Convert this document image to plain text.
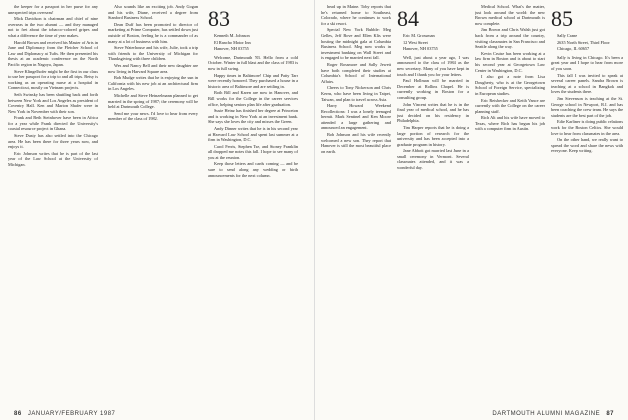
the keeper for a passport in her purse for any unexpected trips overseas!

Mick Davidson is chairman and chief of nine overseas in the two alumni — and they managed not to fret about the tobacco-colored gripes and what a difference the time of year makes.

Harold Brown and received his Master of Arts in June and Diplomacy from the Fletcher School of Law and Diplomacy at Tufts. He then presented his thesis at an academic conference on the North Pacific region in Nagoya, Japan.

Steve Klingelhofer might be the first in our class to use her passport for a trip to and all trips. Betsy is working as an operating nurse at a hospital in Connecticut, mostly on Vietnam projects.

Seth Swinsky has been shuttling back and forth between New York and Los Angeles as president of Coventry Hall. Ken and Marion Shafer were in New York in November with their son.

Frank and Beth Steinhover have been in Africa for a year while Frank directed the University's coastal resource project in Ghana.

Steve Dusty has also settled into the Chicago area. He has been there for three years now, and enjoys it.

Eric Johnson writes that he is part of the last year of the Law School at the University of Michigan.

Also sounds like an exciting job. Andy Gogan and his wife, Diane, received a degree from Stanford Business School.

Dean Duff has been promoted to director of marketing at Prime Computer, has settled down just outside of Boston, feeling he is a commander of as many at a lot of business with him.

Steve Waterhouse and his wife, Julie, took a trip with friends to the University of Michigan for Thanksgiving with three children.

Wes and Nancy Bell and their new daughter are now living in Harvard Square area.

Bob Mudge writes that he is enjoying the sun in California with his new job at an architectural firm in Los Angeles.

Michelle and Steve Heinzelmann planned to get married in the spring of 1987; the ceremony will be held at Dartmouth College.

Send me your news. I'd love to hear from every member of the class of 1982.

83

Kenneth M. Johnson

El Rancho Motor Inn

Hanover, NH 03755

Welcome, Dartmouth '83. Hello from a cold October. Winter in full blast and the class of 1983 is now in full swing.

Happy times in Baltimore! Chip and Patty Tarr were recently honored. They purchased a house in a historic area of Baltimore and are settling in.

Both Bill and Karen are now in Hanover, and Bill works for the College in the career services office, helping seniors plan life after graduation.

Susie Heinz has finished her degree at Princeton and is working in New York at an investment bank. She says she loves the city and misses the Green.

Andy Dinner writes that he is in his second year at Harvard Law School and spent last summer at a firm in Washington, D.C.

Carol Ferris, Stephen Tse, and Stoney Franklin all dropped me notes this fall. I hope to see many of you at the reunion.

Keep those letters and cards coming — and be sure to send along any wedding or birth announcements for the next column.

86 JANUARY/FEBRUARY 1987

head up in Maine. Toby reports that he's returned home to Southeast, Colorado, where he continues to work for a ski resort.

Special New York Bubble: Meg Gelles, Jeff Bove and Ellen Klis were hosting the midnight gala at Columbia Business School. Meg now works in investment banking on Wall Street and is engaged to be married next fall.

Roger Rossmore and Sally Jewett have both completed their studies at Columbia's School of International Affairs.

Cheers to Tony Nickerson and Chris Kerns, who have been living in Taipei, Taiwan, and plan to travel across Asia.

Harry Howard Weekend Recollections: I was a lonely teenaged hermit. Mark Sentinel and Ken Moore attended a large gathering and announced an engagement.

Bob Johnson and his wife recently welcomed a new son. They report that Hanover is still the most beautiful place on earth.

84

Eric M. Grossman

12 West Street

Hanover, NH 03755

Well, just about a year ago, I was announced to the class of 1984 as the new secretary. Many of you have kept in touch and I thank you for your letters.

Paul Hollman will be married in December at Rollins Chapel. He is currently working in Boston for a consulting group.

John Vincent writes that he is in the final year of medical school, and he has just decided on his residency in Philadelphia.

Tim Harper reports that he is doing a large portion of research for the university and has been accepted into a graduate program in history.

Jane Abbott got married last June in a small ceremony in Vermont. Several classmates attended, and it was a wonderful day.

Medical School. What's the matter, just look around the world: the new Brown medical school at Dartmouth is now complete.

Jim Brown and Chris Walsh just got back from a trip around the country, visiting classmates in San Francisco and Seattle along the way.

Kevin Cruise has been working at a law firm in Boston and is about to start his second year at Georgetown Law Center in Washington, D.C.

I also got a note from Lisa Dougherty, who is at the Georgetown School of Foreign Service, specializing in European studies.

Eric Reisbecker and Keith Vance are currently with the College on the career planning staff.

Rich Alt and his wife have moved to Texas, where Rich has begun his job with a computer firm in Austin.

85

Sally Crane

2635 North Street, Third Floor

Chicago, IL 60657

Sally is living in Chicago. It's been a great year and I hope to hear from more of you soon.

This fall I was invited to speak at several career panels. Sandra Brown is teaching at a school in Bangkok and loves the students there.

Jim Stevenson is teaching at the St. George school in Newport, R.I. and has been coaching the crew team. He says the students are the best part of the job.

Edie Karliner is doing public relations work for the Boston Celtics. She would love to hear from classmates in the area.

On the other hand, we really want to spread the word and share the news with everyone. Keep writing.

DARTMOUTH ALUMNI MAGAZINE 87
